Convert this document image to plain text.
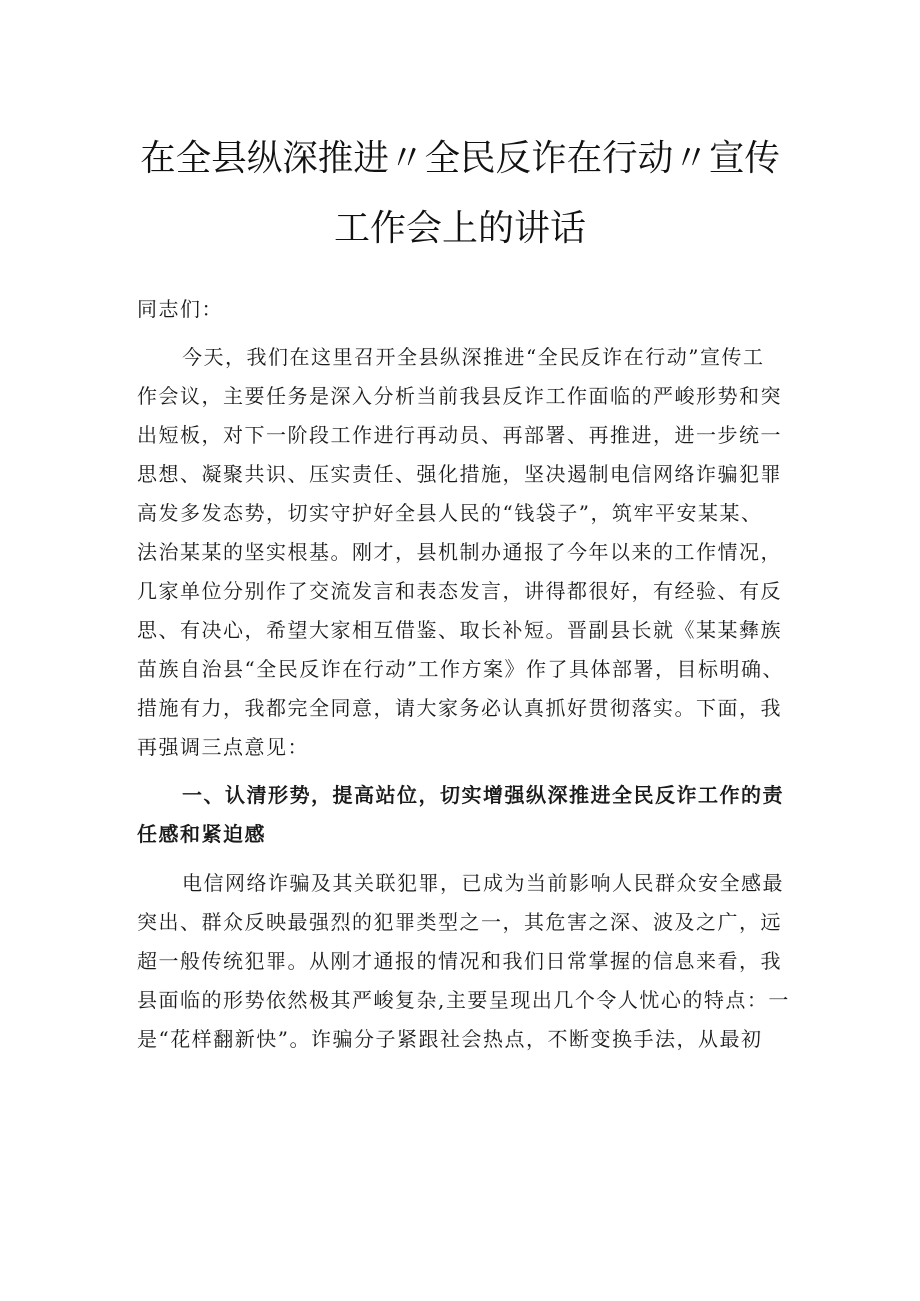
在全县纵深推进〃全民反诈在行动〃宣传
工作会上的讲话
同志们：
今天，我们在这里召开全县纵深推进“全民反诈在行动”宣传工
作会议，主要任务是深入分析当前我县反诈工作面临的严峻形势和突
出短板，对下一阶段工作进行再动员、再部署、再推进，进一步统一
思想、凝聚共识、压实责任、强化措施，坚决遏制电信网络诈骗犯罪
高发多发态势，切实守护好全县人民的“钱袋子”，筑牢平安某某、
法治某某的坚实根基。刚才，县机制办通报了今年以来的工作情况，
几家单位分别作了交流发言和表态发言，讲得都很好，有经验、有反
思、有决心，希望大家相互借鉴、取长补短。晋副县长就《某某彝族
苗族自治县“全民反诈在行动”工作方案》作了具体部署，目标明确、
措施有力，我都完全同意，请大家务必认真抓好贯彻落实。下面，我
再强调三点意见：
一、认清形势，提高站位，切实增强纵深推进全民反诈工作的责
任感和紧迫感
电信网络诈骗及其关联犯罪，已成为当前影响人民群众安全感最
突出、群众反映最强烈的犯罪类型之一，其危害之深、波及之广，远
超一般传统犯罪。从刚才通报的情况和我们日常掌握的信息来看，我
县面临的形势依然极其严峻复杂,主要呈现出几个令人忧心的特点：一
是“花样翻新快”。诈骗分子紧跟社会热点，不断变换手法，从最初
